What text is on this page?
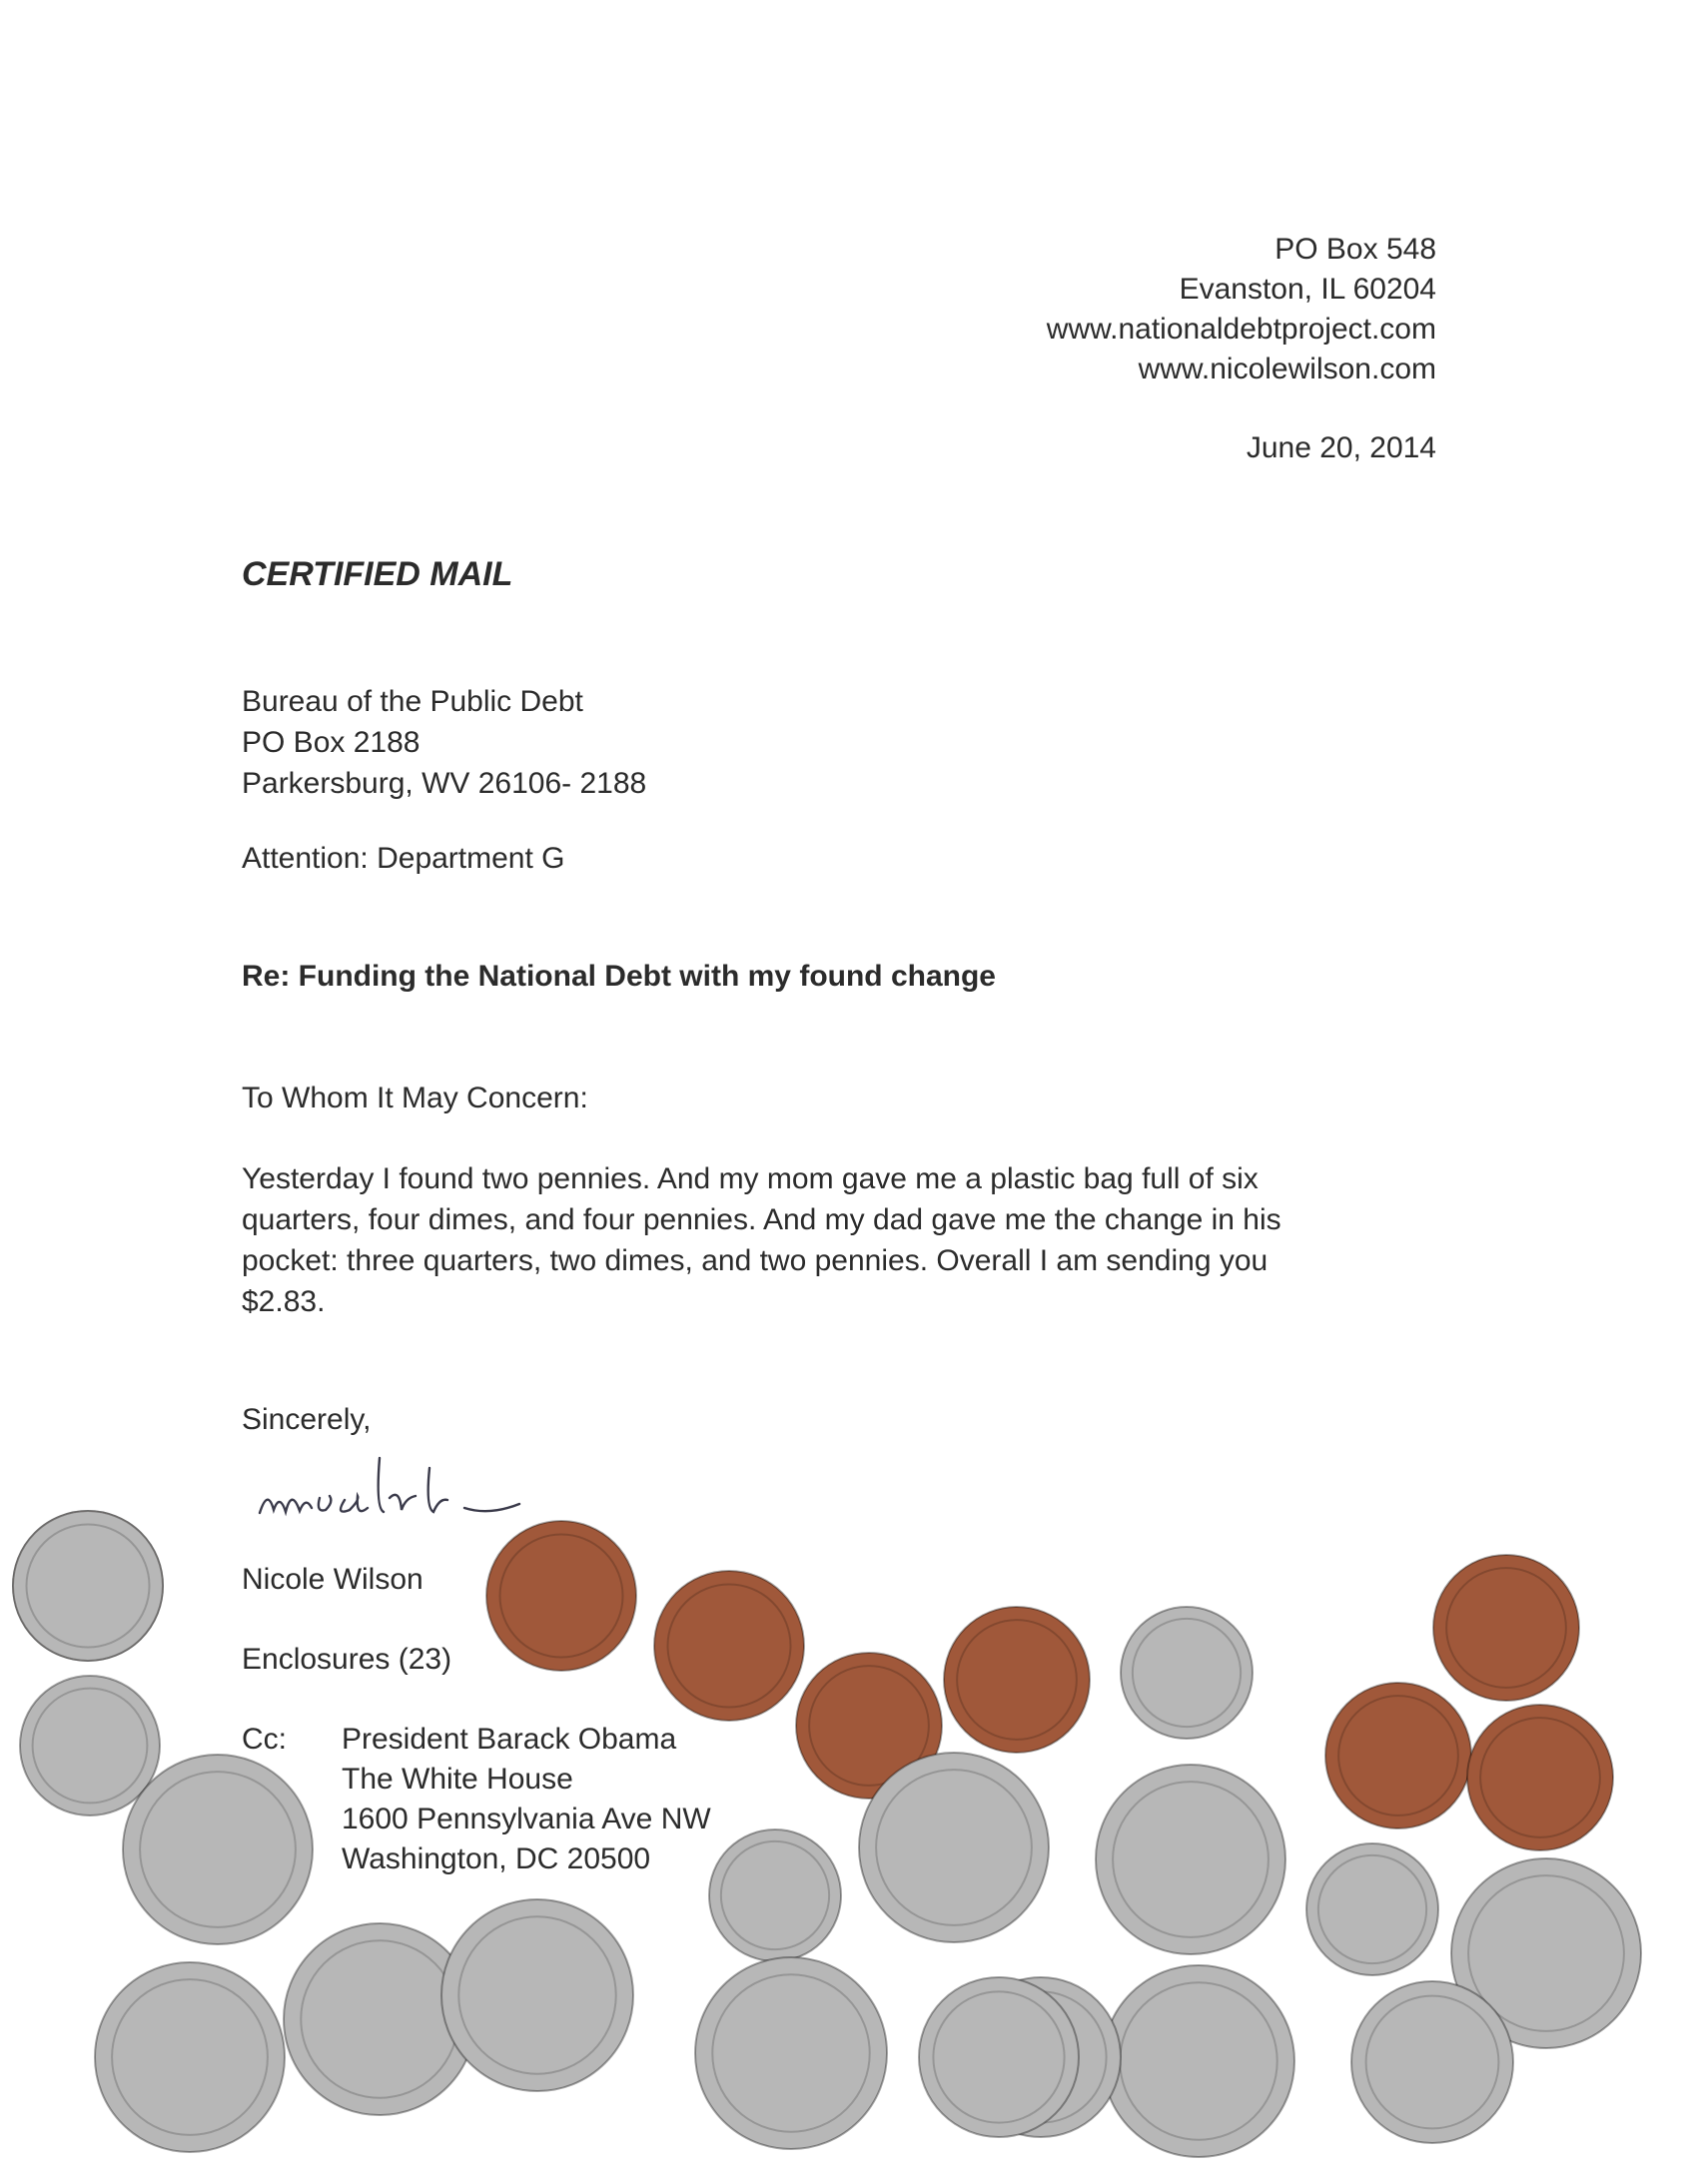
PO Box 548
Evanston, IL 60204
www.nationaldebtproject.com
www.nicolewilson.com
June 20, 2014
CERTIFIED MAIL
Bureau of the Public Debt
PO Box 2188
Parkersburg, WV 26106- 2188
Attention: Department G
Re: Funding the National Debt with my found change
To Whom It May Concern:
Yesterday I found two pennies. And my mom gave me a plastic bag full of six
quarters, four dimes, and four pennies. And my dad gave me the change in his
pocket: three quarters, two dimes, and two pennies. Overall I am sending you
$2.83.
Sincerely,
Nicole Wilson
Enclosures (23)
Cc: President Barack Obama
The White House
1600 Pennsylvania Ave NW
Washington, DC 20500
